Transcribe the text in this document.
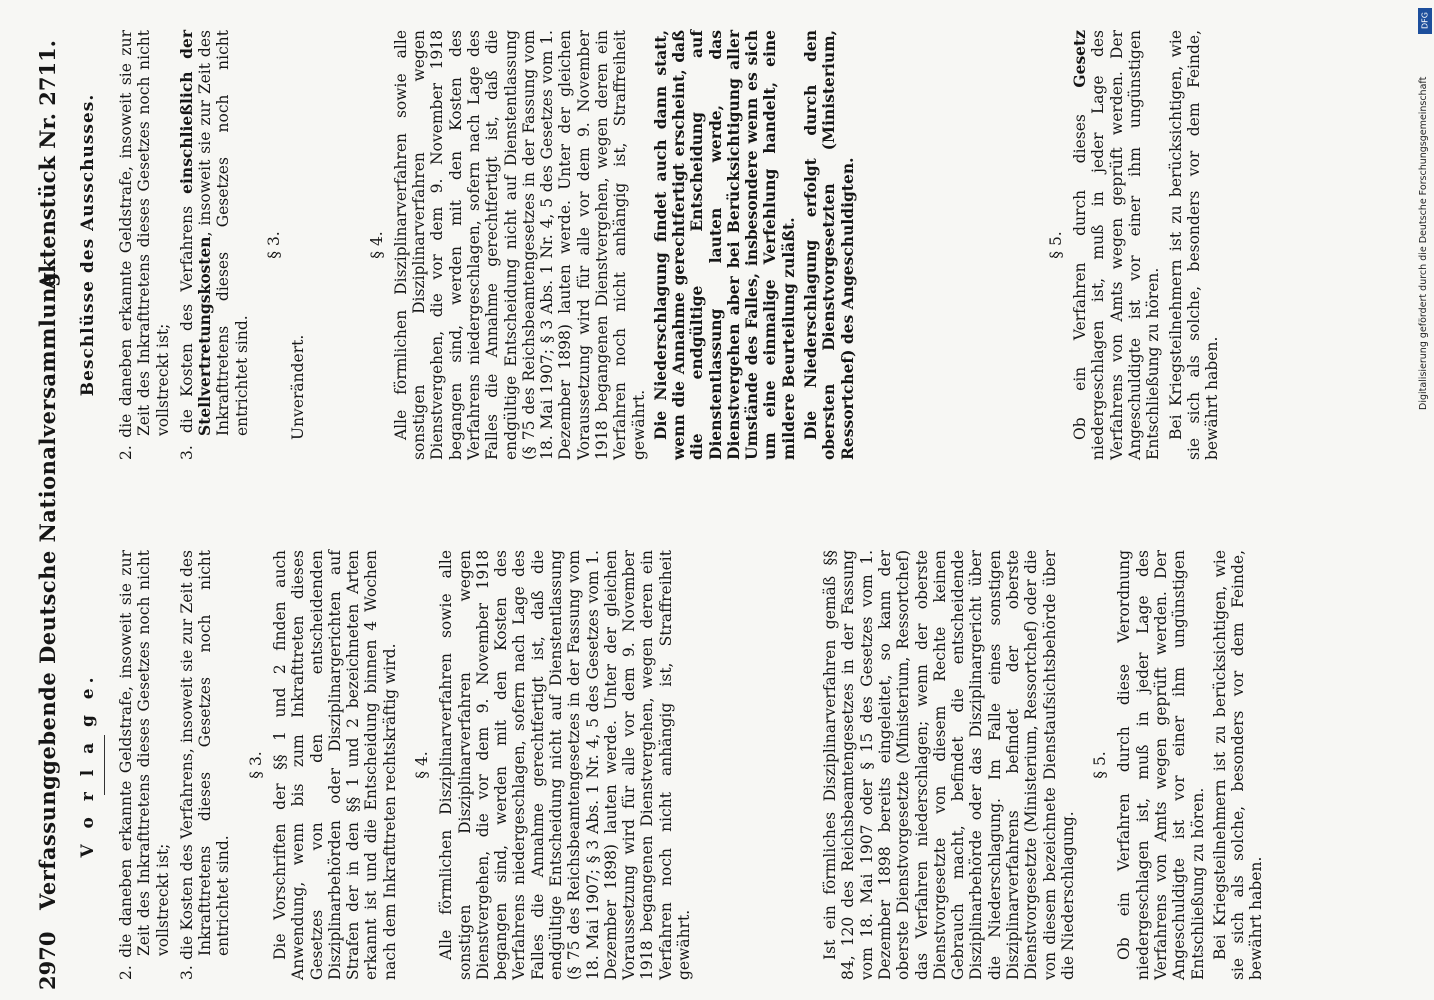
2970
Verfassunggebende Deutsche Nationalversammlung.
Aktenstück Nr. 2711.
V o r l a g e. 2. die daneben erkannte Geldstrafe, insoweit sie zur Zeit des Inkrafttretens dieses Gesetzes noch nicht vollstreckt ist; 3. die Kosten des Verfahrens, insoweit sie zur Zeit des Inkrafttretens dieses Gesetzes noch nicht entrichtet sind.

§ 3. Die Vorschriften der §§ 1 und 2 finden auch Anwendung, wenn bis zum Inkrafttreten dieses Gesetzes von den entscheidenden Disziplinarbehörden oder Disziplinargerichten auf Strafen der in den §§ 1 und 2 bezeichneten Arten erkannt ist und die Entscheidung binnen 4 Wochen nach dem Inkrafttreten rechtskräftig wird. § 4. Alle förmlichen Disziplinarverfahren sowie alle sonstigen Disziplinarverfahren wegen Dienstvergehen, die vor dem 9. November 1918 begangen sind, werden mit den Kosten des Verfahrens niedergeschlagen, sofern nach Lage des Falles die Annahme gerechtfertigt ist, daß die endgültige Entscheidung nicht auf Dienstentlassung (§ 75 des Reichsbeamtengesetzes in der Fassung vom 18. Mai 1907; § 3 Abs. 1 Nr. 4, 5 des Gesetzes vom 1. Dezember 1898) lauten werde. Unter der gleichen Voraussetzung wird für alle vor dem 9. November 1918 begangenen Dienstvergehen, wegen deren ein Verfahren noch nicht anhängig ist, Straffreiheit gewährt.	Ist ein förmliches Disziplinarverfahren gemäß §§ 84, 120 des Reichsbeamtengesetzes in der Fassung vom 18. Mai 1907 oder § 15 des Gesetzes vom 1. Dezember 1898 bereits eingeleitet, so kann der oberste Dienstvorgesetzte (Ministerium, Ressortchef) das Verfahren niederschlagen; wenn der oberste Dienstvorgesetzte von diesem Rechte keinen Gebrauch macht, befindet die entscheidende Disziplinarbehörde oder das Disziplinargericht über die Niederschlagung. Im Falle eines sonstigen Disziplinarverfahrens befindet der oberste Dienstvorgesetzte (Ministerium, Ressortchef) oder die von diesem bezeichnete Dienstaufsichtsbehörde über die Niederschlagung.

§ 5. Ob ein Verfahren durch diese Verordnung niedergeschlagen ist, muß in jeder Lage des Verfahrens von Amts wegen geprüft werden. Der Angeschuldigte ist vor einer ihm ungünstigen Entschließung zu hören. Bei Kriegsteilnehmern ist zu berücksichtigen, wie sie sich als solche, besonders vor dem Feinde, bewährt haben.

Beschlüsse des Ausschusses. 2. die daneben erkannte Geldstrafe, insoweit sie zur Zeit des Inkrafttretens dieses Gesetzes noch nicht vollstreckt ist; 3. die Kosten des Verfahrens einschließlich der Stellvertretungskosten, insoweit sie zur Zeit des Inkrafttretens dieses Gesetzes noch nicht entrichtet sind.

§ 3.

Unverändert.

§ 4. Alle förmlichen Disziplinarverfahren sowie alle sonstigen Disziplinarverfahren wegen Dienstvergehen, die vor dem 9. November 1918 begangen sind, werden mit den Kosten des Verfahrens niedergeschlagen, sofern nach Lage des Falles die Annahme gerechtfertigt ist, daß die endgültige Entscheidung nicht auf Dienstentlassung (§ 75 des Reichsbeamtengesetzes in der Fassung vom 18. Mai 1907; § 3 Abs. 1 Nr. 4, 5 des Gesetzes vom 1. Dezember 1898) lauten werde. Unter der gleichen Voraussetzung wird für alle vor dem 9. November 1918 begangenen Dienstvergehen, wegen deren ein Verfahren noch nicht anhängig ist, Straffreiheit gewährt. Die Niederschlagung findet auch dann statt, wenn die Annahme gerechtfertigt erscheint, daß die endgültige Entscheidung auf Dienstentlassung lauten werde, das Dienstvergehen aber bei Berücksichtigung aller Umstände des Falles, insbesondere wenn es sich um eine einmalige Verfehlung handelt, eine mildere Beurteilung zuläßt. Die Niederschlagung erfolgt durch den obersten Dienstvorgesetzten (Ministerium, Ressortchef) des Angeschuldigten.	§ 5. Ob ein Verfahren durch dieses Gesetz niedergeschlagen ist, muß in jeder Lage des Verfahrens von Amts wegen geprüft werden. Der Angeschuldigte ist vor einer ihm ungünstigen Entschließung zu hören. Bei Kriegsteilnehmern ist zu berücksichtigen, wie sie sich als solche, besonders vor dem Feinde, bewährt haben.

DFG
Digitalisierung gefördert durch die Deutsche Forschungsgemeinschaft
